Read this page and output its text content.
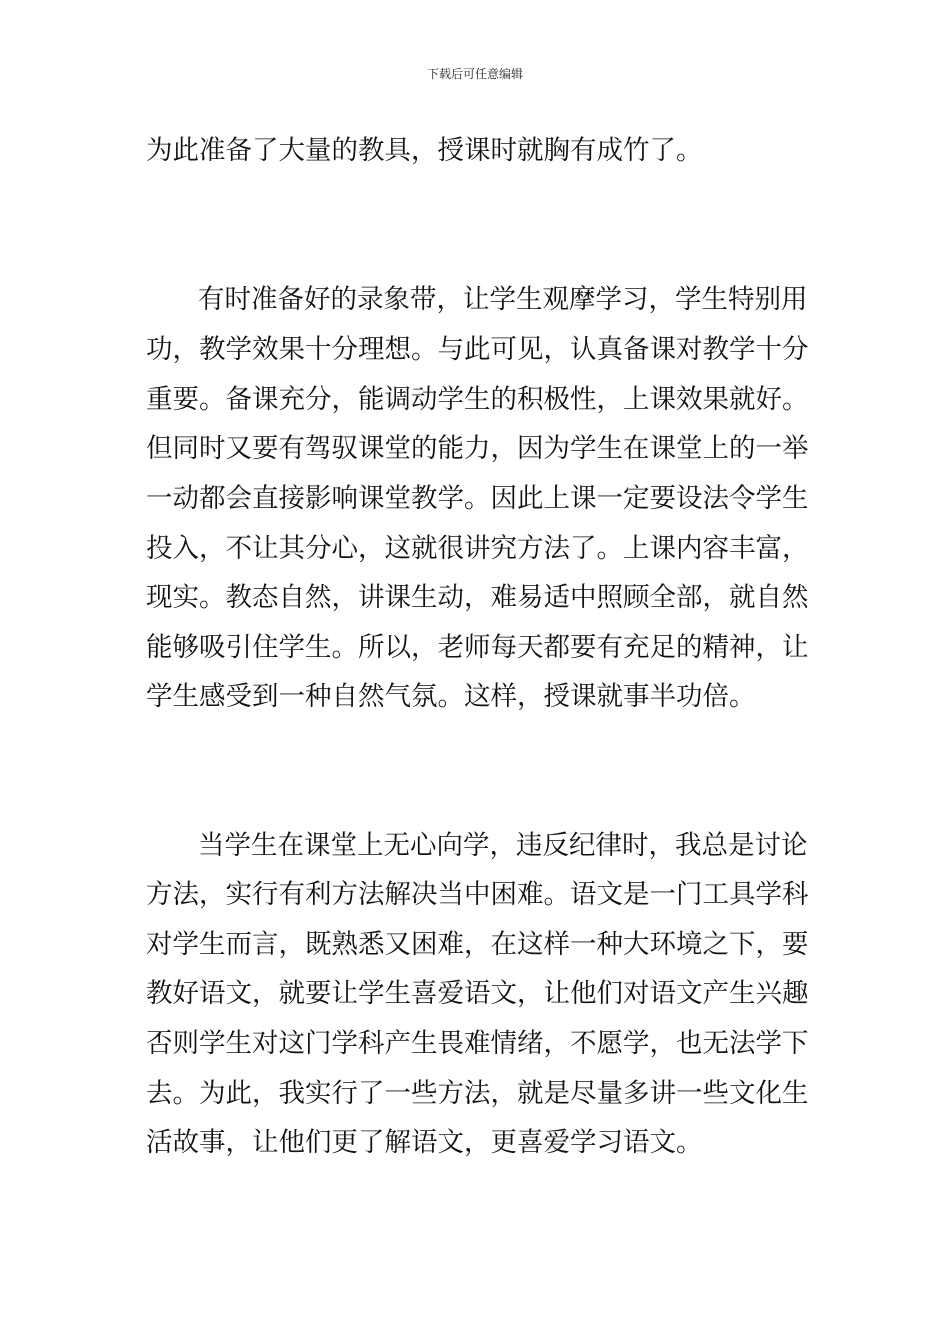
下载后可任意编辑
为此准备了大量的教具，授课时就胸有成竹了。
有时准备好的录象带，让学生观摩学习，学生特别用
功，教学效果十分理想。与此可见，认真备课对教学十分
重要。备课充分，能调动学生的积极性，上课效果就好。
但同时又要有驾驭课堂的能力，因为学生在课堂上的一举
一动都会直接影响课堂教学。因此上课一定要设法令学生
投入，不让其分心，这就很讲究方法了。上课内容丰富，
现实。教态自然，讲课生动，难易适中照顾全部，就自然
能够吸引住学生。所以，老师每天都要有充足的精神，让
学生感受到一种自然气氛。这样，授课就事半功倍。
当学生在课堂上无心向学，违反纪律时，我总是讨论
方法，实行有利方法解决当中困难。语文是一门工具学科
对学生而言，既熟悉又困难，在这样一种大环境之下，要
教好语文，就要让学生喜爱语文，让他们对语文产生兴趣
否则学生对这门学科产生畏难情绪，不愿学，也无法学下
去。为此，我实行了一些方法，就是尽量多讲一些文化生
活故事，让他们更了解语文，更喜爱学习语文。
